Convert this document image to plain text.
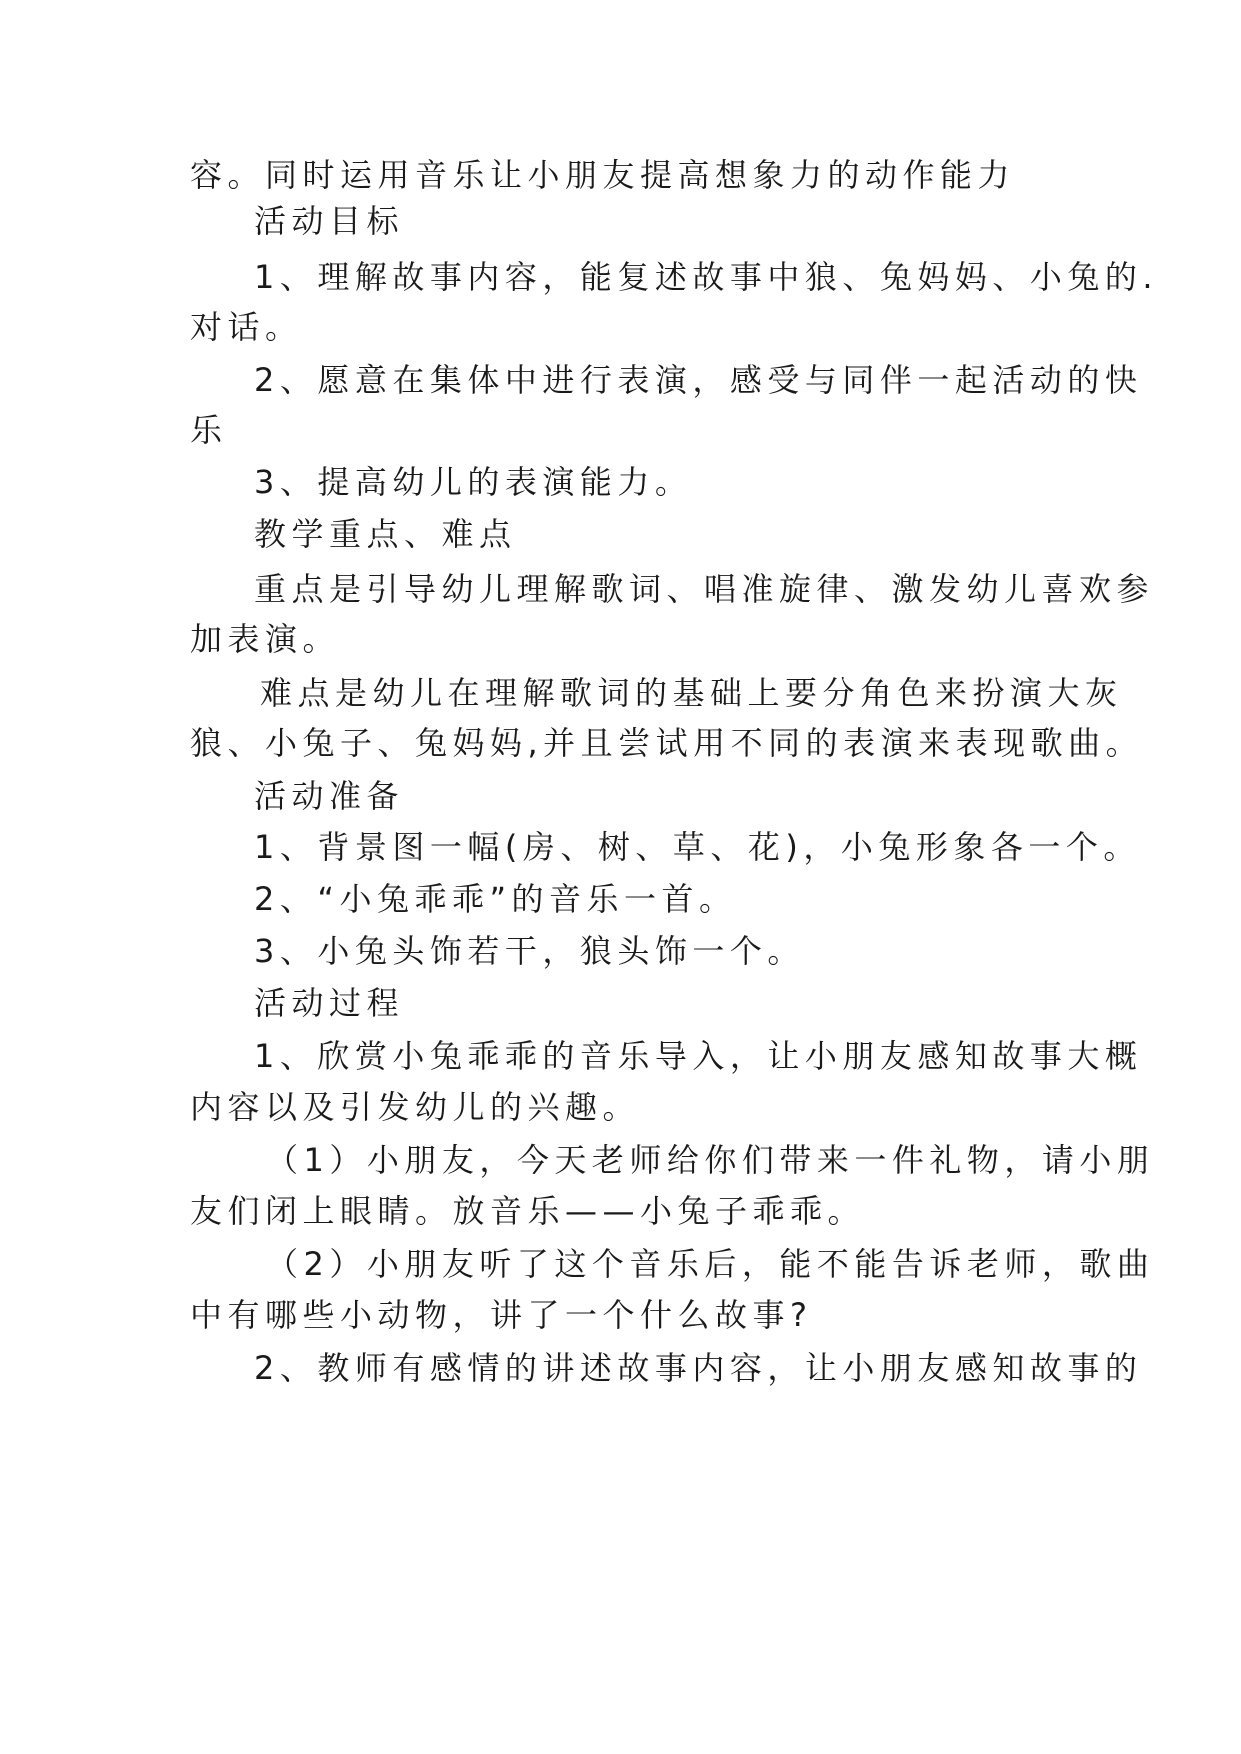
容。同时运用音乐让小朋友提高想象力的动作能力
活动目标
1、理解故事内容，能复述故事中狼、兔妈妈、小兔的.
对话。
2、愿意在集体中进行表演，感受与同伴一起活动的快
乐
3、提高幼儿的表演能力。
教学重点、难点
重点是引导幼儿理解歌词、唱准旋律、激发幼儿喜欢参
加表演。
难点是幼儿在理解歌词的基础上要分角色来扮演大灰
狼、小兔子、兔妈妈,并且尝试用不同的表演来表现歌曲。
活动准备
1、背景图一幅(房、树、草、花)，小兔形象各一个。
2、“小兔乖乖”的音乐一首。
3、小兔头饰若干，狼头饰一个。
活动过程
1、欣赏小兔乖乖的音乐导入，让小朋友感知故事大概
内容以及引发幼儿的兴趣。
（1）小朋友，今天老师给你们带来一件礼物，请小朋
友们闭上眼睛。放音乐——小兔子乖乖。
（2）小朋友听了这个音乐后，能不能告诉老师，歌曲
中有哪些小动物，讲了一个什么故事?
2、教师有感情的讲述故事内容，让小朋友感知故事的
